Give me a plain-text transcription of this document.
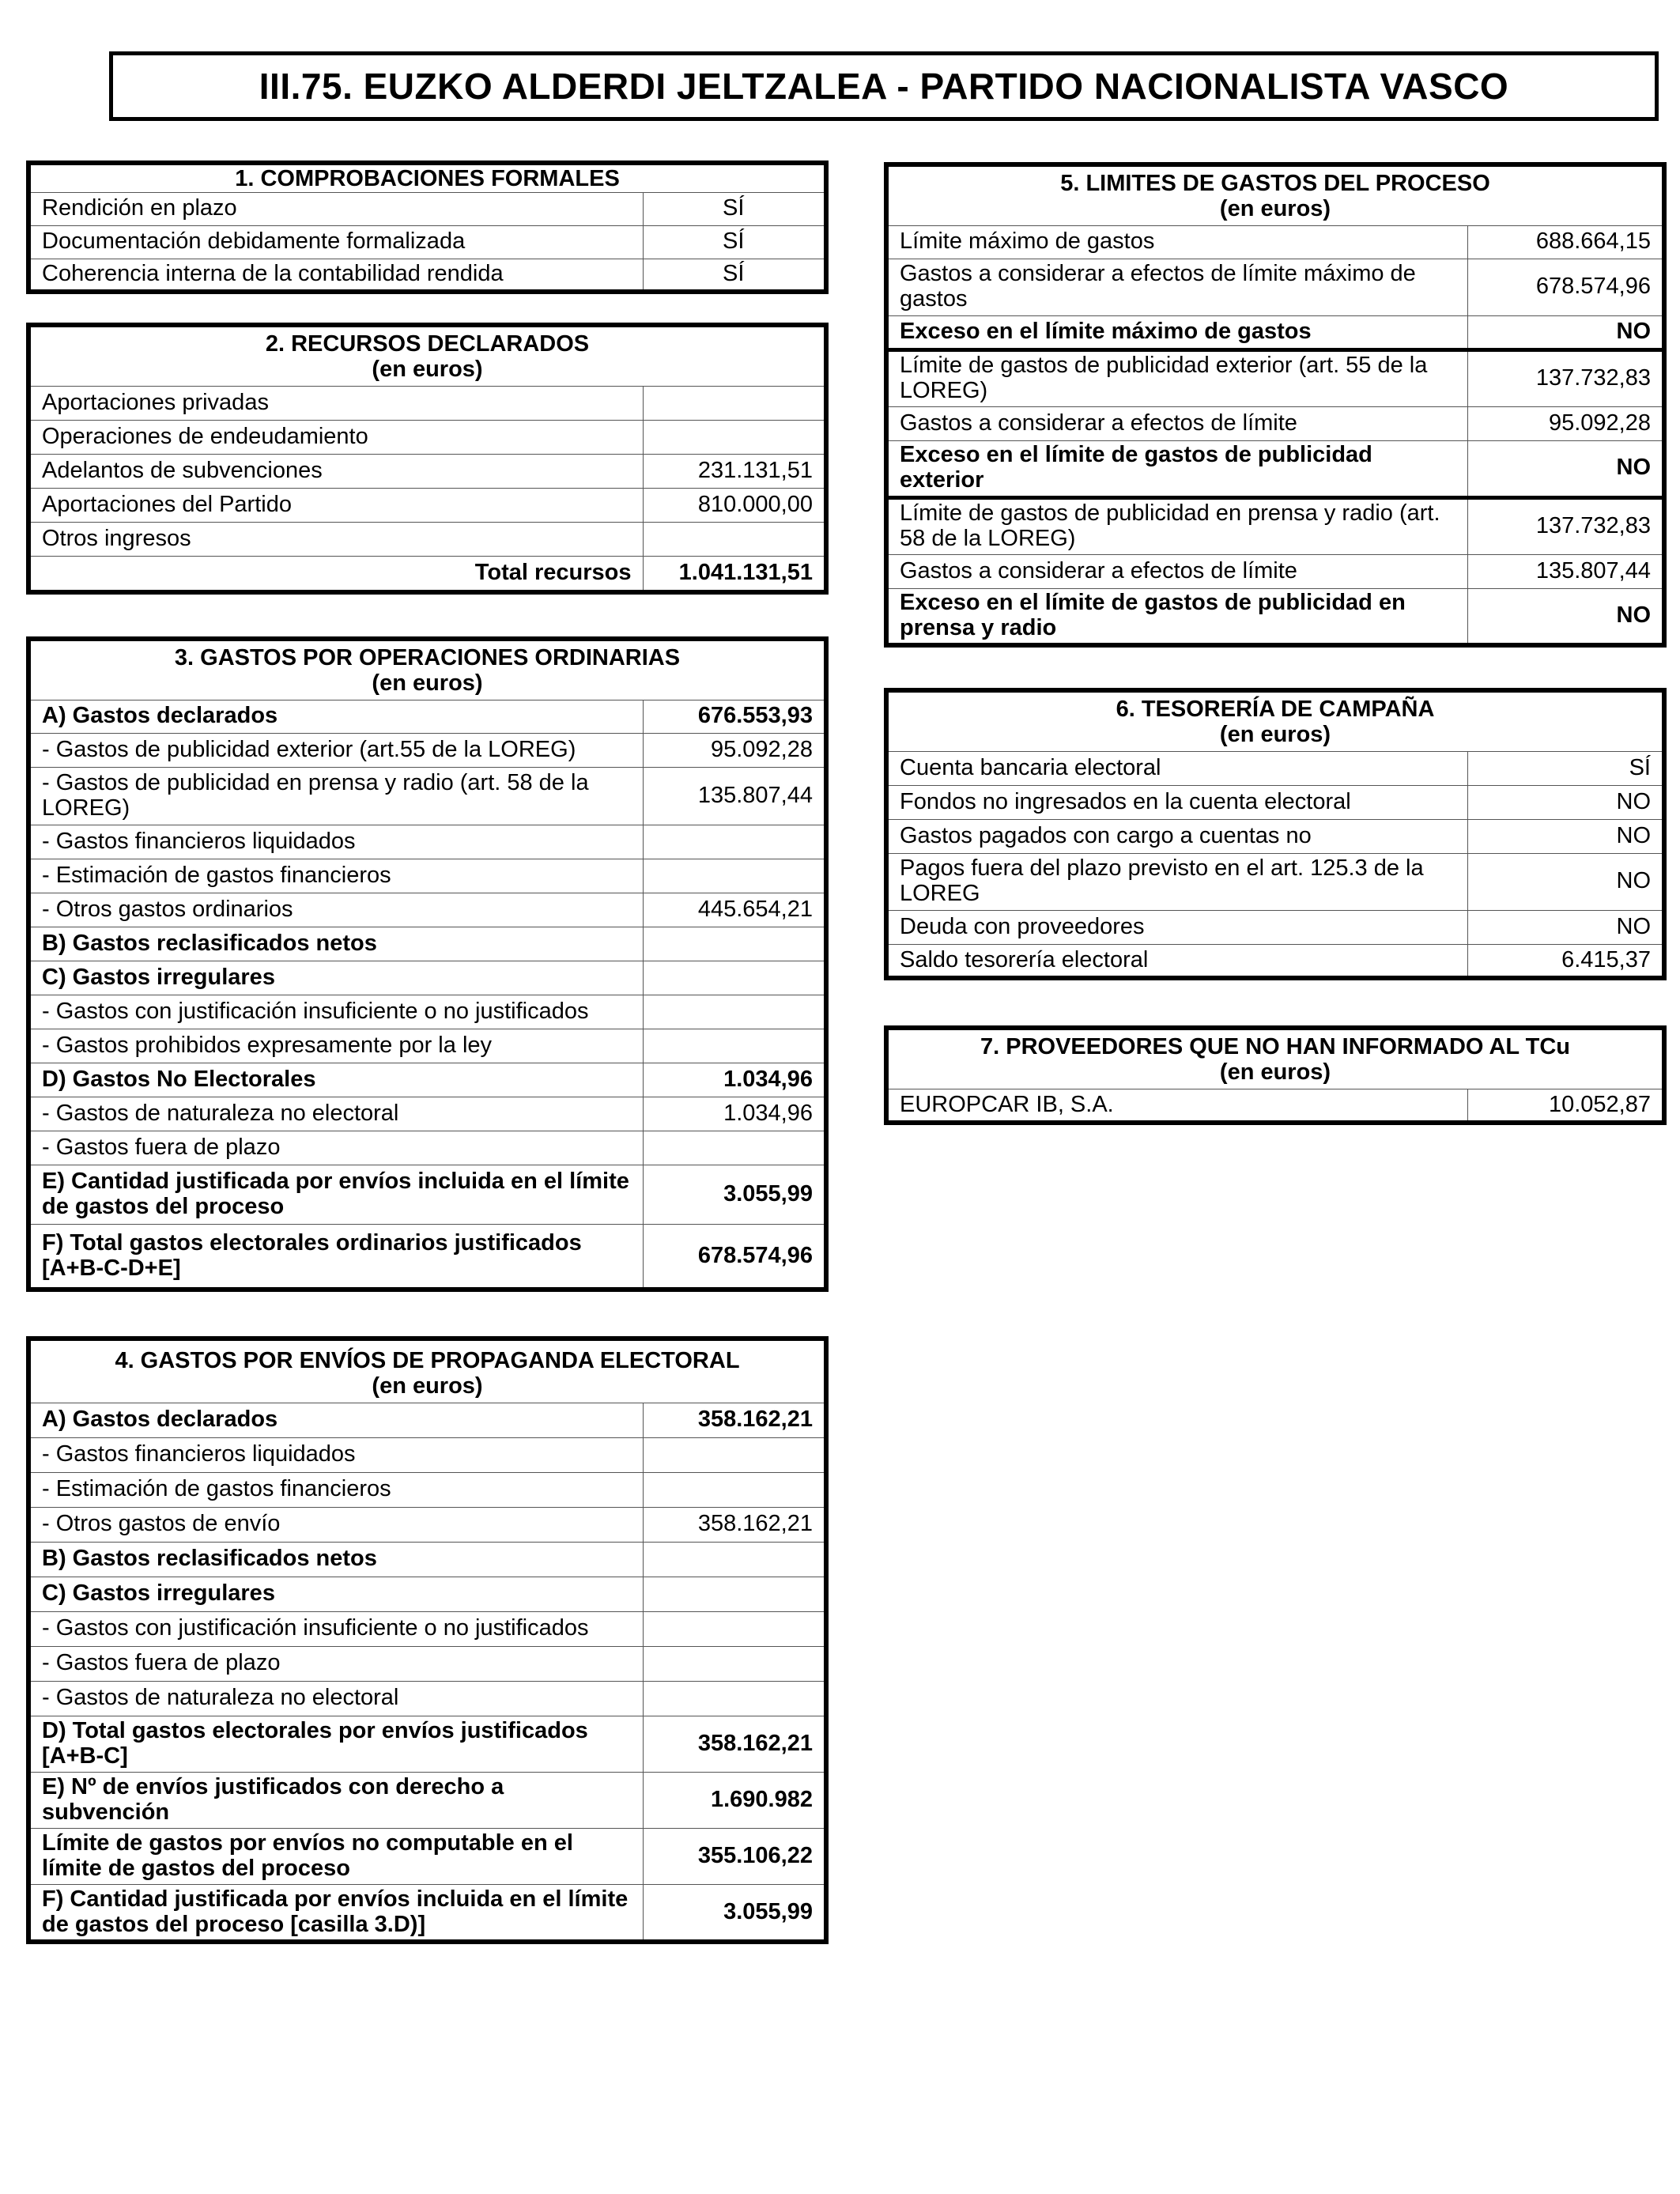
III.75. EUZKO ALDERDI JELTZALEA - PARTIDO NACIONALISTA VASCO
1. COMPROBACIONES FORMALES	
Rendición en plazo	SÍ
Documentación debidamente formalizada	SÍ
Coherencia interna de la contabilidad rendida	SÍ
2. RECURSOS DECLARADOS
(en euros)	

Aportaciones privadas	
Operaciones de endeudamiento	
Adelantos de subvenciones	231.131,51
Aportaciones del Partido	810.000,00
Otros ingresos	
Total recursos	1.041.131,51
3. GASTOS POR OPERACIONES ORDINARIAS
(en euros)	

A) Gastos declarados	676.553,93
- Gastos de publicidad exterior (art.55 de la LOREG)	95.092,28
- Gastos de publicidad en prensa y radio (art. 58 de la LOREG)	135.807,44
- Gastos financieros liquidados	
- Estimación de gastos financieros	
- Otros gastos ordinarios	445.654,21
B) Gastos reclasificados netos	
C) Gastos irregulares	
- Gastos con justificación insuficiente o no justificados	
- Gastos prohibidos expresamente por la ley	
D) Gastos No Electorales	1.034,96
- Gastos de naturaleza no electoral	1.034,96
- Gastos fuera de plazo	
E) Cantidad justificada por envíos incluida en el límite de gastos del proceso	3.055,99
F) Total gastos electorales ordinarios justificados [A+B-C-D+E]	678.574,96
4. GASTOS POR ENVÍOS DE PROPAGANDA ELECTORAL
(en euros)	

A) Gastos declarados	358.162,21
- Gastos financieros liquidados	
- Estimación de gastos financieros	
- Otros gastos de envío	358.162,21
B) Gastos reclasificados netos	
C) Gastos irregulares	
- Gastos con justificación insuficiente o no justificados	
- Gastos fuera de plazo	
- Gastos de naturaleza no electoral	
D) Total gastos electorales por envíos justificados [A+B-C]	358.162,21
E) Nº de envíos justificados con derecho a subvención	1.690.982
Límite de gastos por envíos no computable en el límite de gastos del proceso	355.106,22
F) Cantidad justificada por envíos incluida en el límite de gastos del proceso [casilla 3.D)]	3.055,99
5. LIMITES DE GASTOS DEL PROCESO
(en euros)	

Límite máximo de gastos	688.664,15
Gastos a considerar a efectos de límite máximo de gastos	678.574,96
Exceso en el límite máximo de gastos	NO
Límite de gastos de publicidad exterior (art. 55 de la LOREG)	137.732,83
Gastos a considerar a efectos de límite	95.092,28
Exceso en el límite de gastos de publicidad exterior	NO
Límite de gastos de publicidad en prensa y radio (art. 58 de la LOREG)	137.732,83
Gastos a considerar a efectos de límite	135.807,44
Exceso en el límite de gastos de publicidad en prensa y radio	NO
6. TESORERÍA DE CAMPAÑA
(en euros)	

Cuenta bancaria electoral	SÍ
Fondos no ingresados en la cuenta electoral	NO
Gastos pagados con cargo a cuentas no	NO
Pagos fuera del plazo previsto en el art. 125.3 de la LOREG	NO
Deuda con proveedores	NO
Saldo tesorería electoral	6.415,37
7. PROVEEDORES QUE NO HAN INFORMADO AL TCu
(en euros)

EUROPCAR IB, S.A.	10.052,87
